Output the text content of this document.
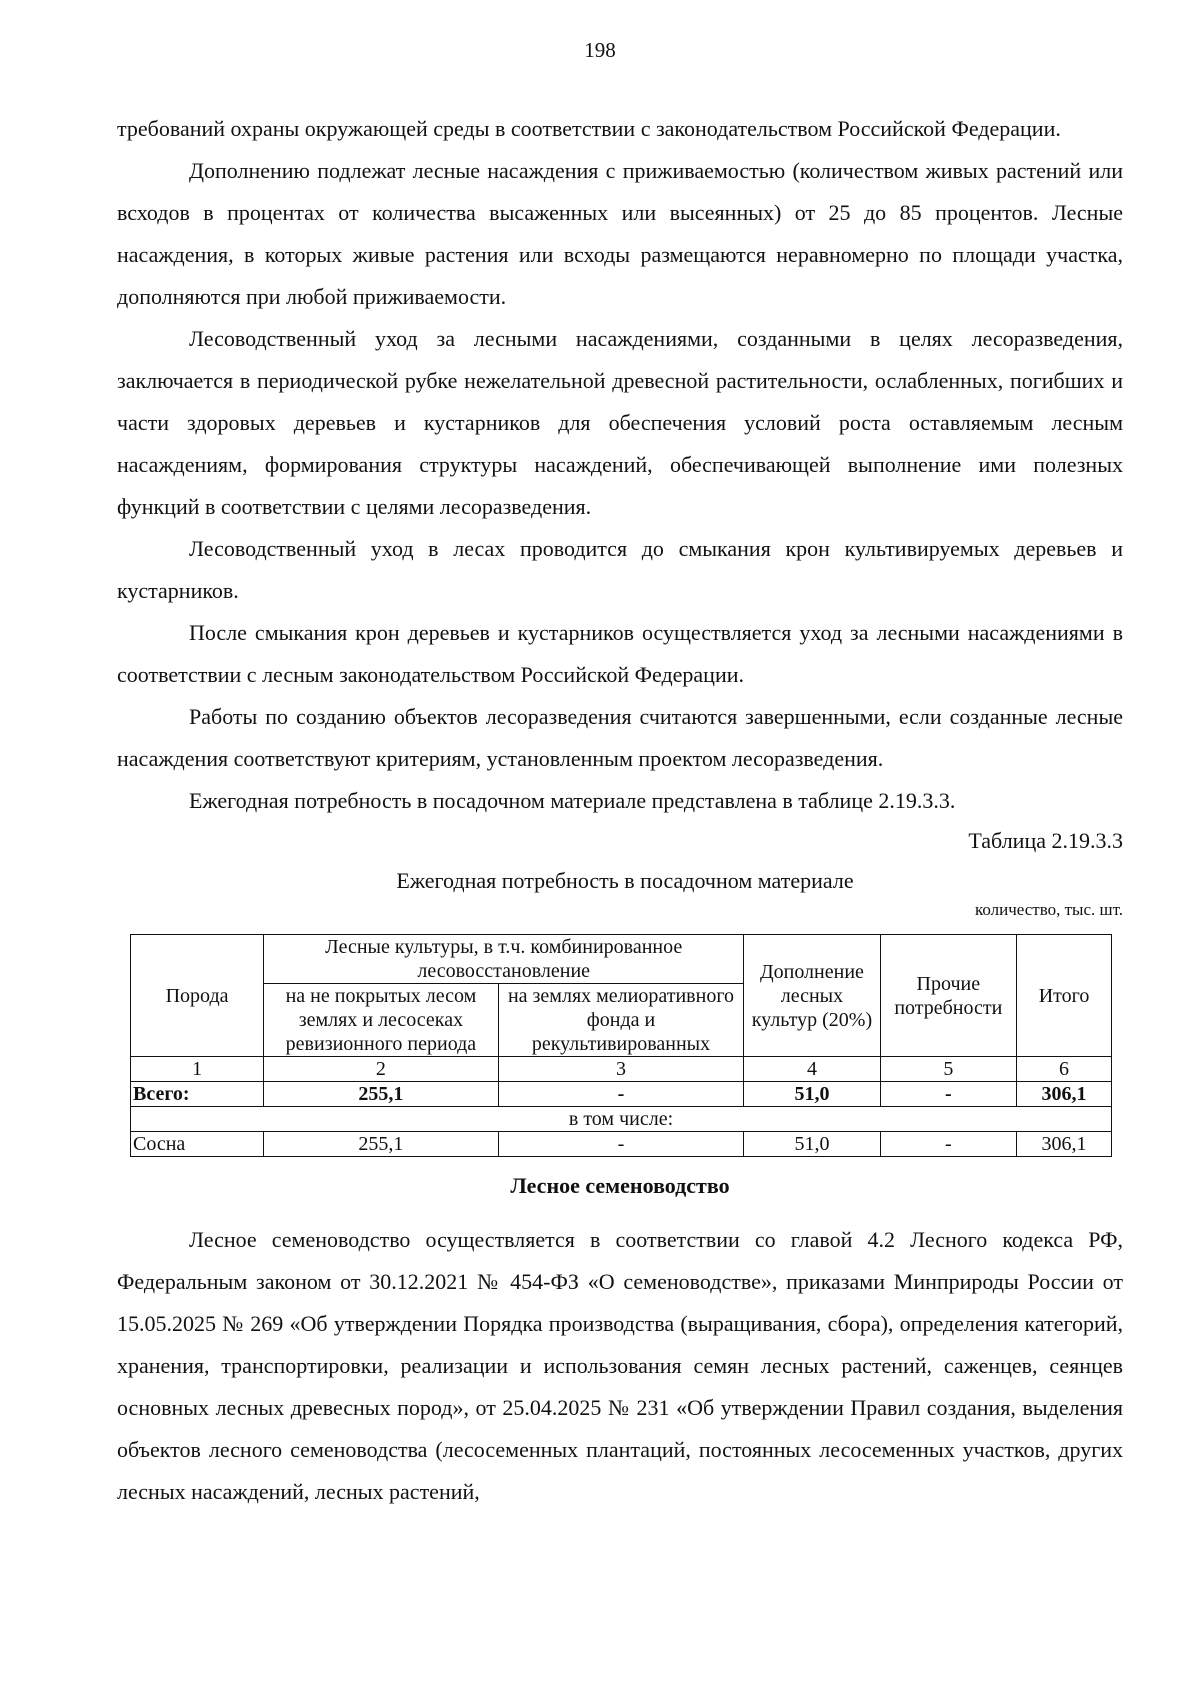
198

требований охраны окружающей среды в соответствии с законодательством Российской Федерации.

Дополнению подлежат лесные насаждения с приживаемостью (количеством живых растений или всходов в процентах от количества высаженных или высеянных) от 25 до 85 процентов. Лесные насаждения, в которых живые растения или всходы размещаются неравномерно по площади участка, дополняются при любой приживаемости.

Лесоводственный уход за лесными насаждениями, созданными в целях лесоразведения, заключается в периодической рубке нежелательной древесной растительности, ослабленных, погибших и части здоровых деревьев и кустарников для обеспечения условий роста оставляемым лесным насаждениям, формирования структуры насаждений, обеспечивающей выполнение ими полезных функций в соответствии с целями лесоразведения.

Лесоводственный уход в лесах проводится до смыкания крон культивируемых деревьев и кустарников.

После смыкания крон деревьев и кустарников осуществляется уход за лесными насаждениями в соответствии с лесным законодательством Российской Федерации.

Работы по созданию объектов лесоразведения считаются завершенными, если созданные лесные насаждения соответствуют критериям, установленным проектом лесоразведения.

Ежегодная потребность в посадочном материале представлена в таблице 2.19.3.3.

Таблица 2.19.3.3
Ежегодная потребность в посадочном материале
количество, тыс. шт.
Порода	Лесные культуры, в т.ч. комбинированное лесовосстановление		Дополнение лесных культур (20%)	Прочие потребности	Итого
	на не покрытых лесом землях и лесосеках ревизионного периода	на землях мелиоративного фонда и рекультивированных			
1	2	3	4	5	6
Всего:	255,1	-	51,0	-	306,1
в том числе:					
Сосна	255,1	-	51,0	-	306,1
Лесное семеноводство

Лесное семеноводство осуществляется в соответствии со главой 4.2 Лесного кодекса РФ, Федеральным законом от 30.12.2021 № 454-ФЗ «О семеноводстве», приказами Минприроды России от 15.05.2025 № 269 «Об утверждении Порядка производства (выращивания, сбора), определения категорий, хранения, транспортировки, реализации и использования семян лесных растений, саженцев, сеянцев основных лесных древесных пород», от 25.04.2025 № 231 «Об утверждении Правил создания, выделения объектов лесного семеноводства (лесосеменных плантаций, постоянных лесосеменных участков, других лесных насаждений, лесных растений,
